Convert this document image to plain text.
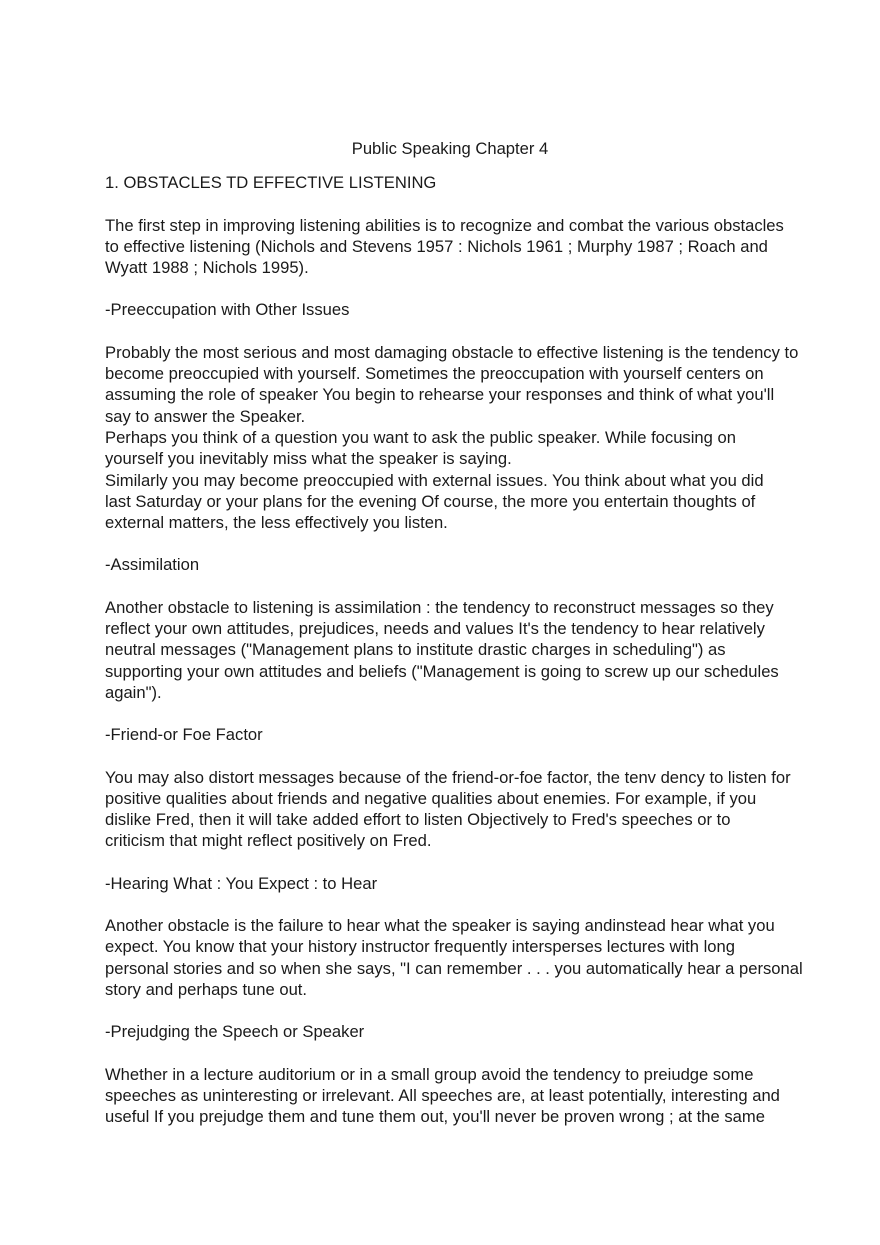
Public Speaking Chapter 4
1. OBSTACLES TD EFFECTIVE LISTENING
The first step in improving listening abilities is to recognize and combat the various obstacles
to effective listening (Nichols and Stevens 1957 : Nichols 1961 ; Murphy 1987 ; Roach and
Wyatt 1988 ; Nichols 1995).
-Preeccupation with Other Issues
Probably the most serious and most damaging obstacle to effective listening is the tendency to
become preoccupied with yourself. Sometimes the preoccupation with yourself centers on
assuming the role of speaker You begin to rehearse your responses and think of what you'll
say to answer the Speaker.
Perhaps you think of a question you want to ask the public speaker. While focusing on
yourself you inevitably miss what the speaker is saying.
Similarly you may become preoccupied with external issues. You think about what you did
last Saturday or your plans for the evening Of course, the more you entertain thoughts of
external matters, the less effectively you listen.
-Assimilation
Another obstacle to listening is assimilation : the tendency to reconstruct messages so they
reflect your own attitudes, prejudices, needs and values It's the tendency to hear relatively
neutral messages ("Management plans to institute drastic charges in scheduling") as
supporting your own attitudes and beliefs ("Management is going to screw up our schedules
again").
-Friend-or Foe Factor
You may also distort messages because of the friend-or-foe factor, the tenv dency to listen for
positive qualities about friends and negative qualities about enemies. For example, if you
dislike Fred, then it will take added effort to listen Objectively to Fred's speeches or to
criticism that might reflect positively on Fred.
-Hearing What : You Expect : to Hear
Another obstacle is the failure to hear what the speaker is saying andinstead hear what you
expect. You know that your history instructor frequently intersperses lectures with long
personal stories and so when she says, "I can remember . . . you automatically hear a personal
story and perhaps tune out.
-Prejudging the Speech or Speaker
Whether in a lecture auditorium or in a small group avoid the tendency to preiudge some
speeches as uninteresting or irrelevant. All speeches are, at least potentially, interesting and
useful If you prejudge them and tune them out, you'll never be proven wrong ; at the same
